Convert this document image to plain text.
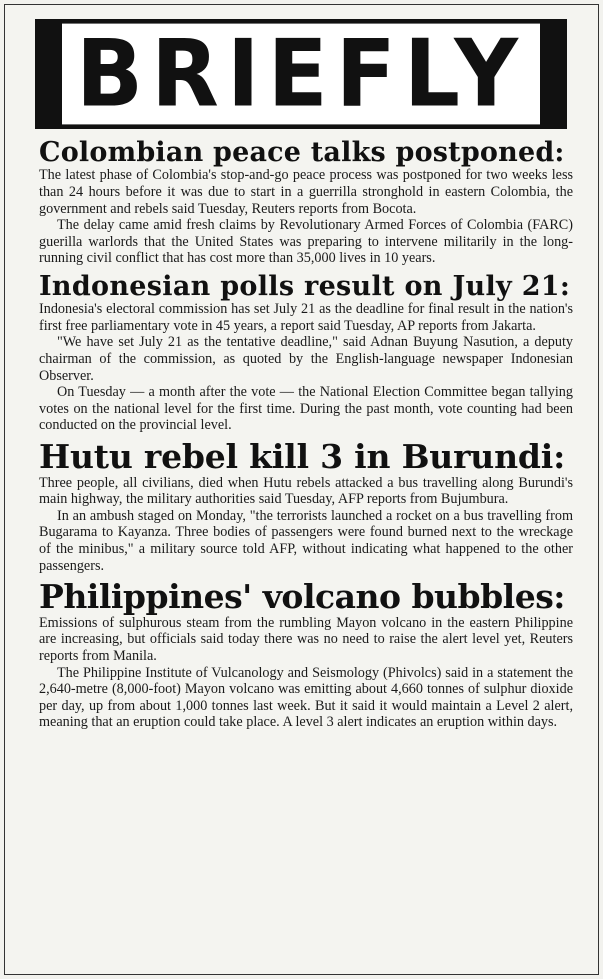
BRIEFLY
Colombian peace talks postponed:

The latest phase of Colombia's stop-and-go peace process was postponed for two weeks less than 24 hours before it was due to start in a guerrilla stronghold in eastern Colombia, the government and rebels said Tuesday, Reuters reports from Bocota.

The delay came amid fresh claims by Revolutionary Armed Forces of Colombia (FARC) guerilla warlords that the United States was preparing to intervene militarily in the long-running civil conflict that has cost more than 35,000 lives in 10 years.

Indonesian polls result on July 21:

Indonesia's electoral commission has set July 21 as the deadline for final result in the nation's first free parliamentary vote in 45 years, a report said Tuesday, AP reports from Jakarta.

"We have set July 21 as the tentative deadline," said Adnan Buyung Nasution, a deputy chairman of the commission, as quoted by the English-language newspaper Indonesian Observer.

On Tuesday — a month after the vote — the National Election Committee began tallying votes on the national level for the first time. During the past month, vote counting had been conducted on the provincial level.

Hutu rebel kill 3 in Burundi:

Three people, all civilians, died when Hutu rebels attacked a bus travelling along Burundi's main highway, the military authorities said Tuesday, AFP reports from Bujumbura.

In an ambush staged on Monday, "the terrorists launched a rocket on a bus travelling from Bugarama to Kayanza. Three bodies of passengers were found burned next to the wreckage of the minibus," a military source told AFP, without indicating what happened to the other passengers.

Philippines' volcano bubbles:

Emissions of sulphurous steam from the rumbling Mayon volcano in the eastern Philippine are increasing, but officials said today there was no need to raise the alert level yet, Reuters reports from Manila.

The Philippine Institute of Vulcanology and Seismology (Phivolcs) said in a statement the 2,640-metre (8,000-foot) Mayon volcano was emitting about 4,660 tonnes of sulphur dioxide per day, up from about 1,000 tonnes last week. But it said it would maintain a Level 2 alert, meaning that an eruption could take place. A level 3 alert indicates an eruption within days.
